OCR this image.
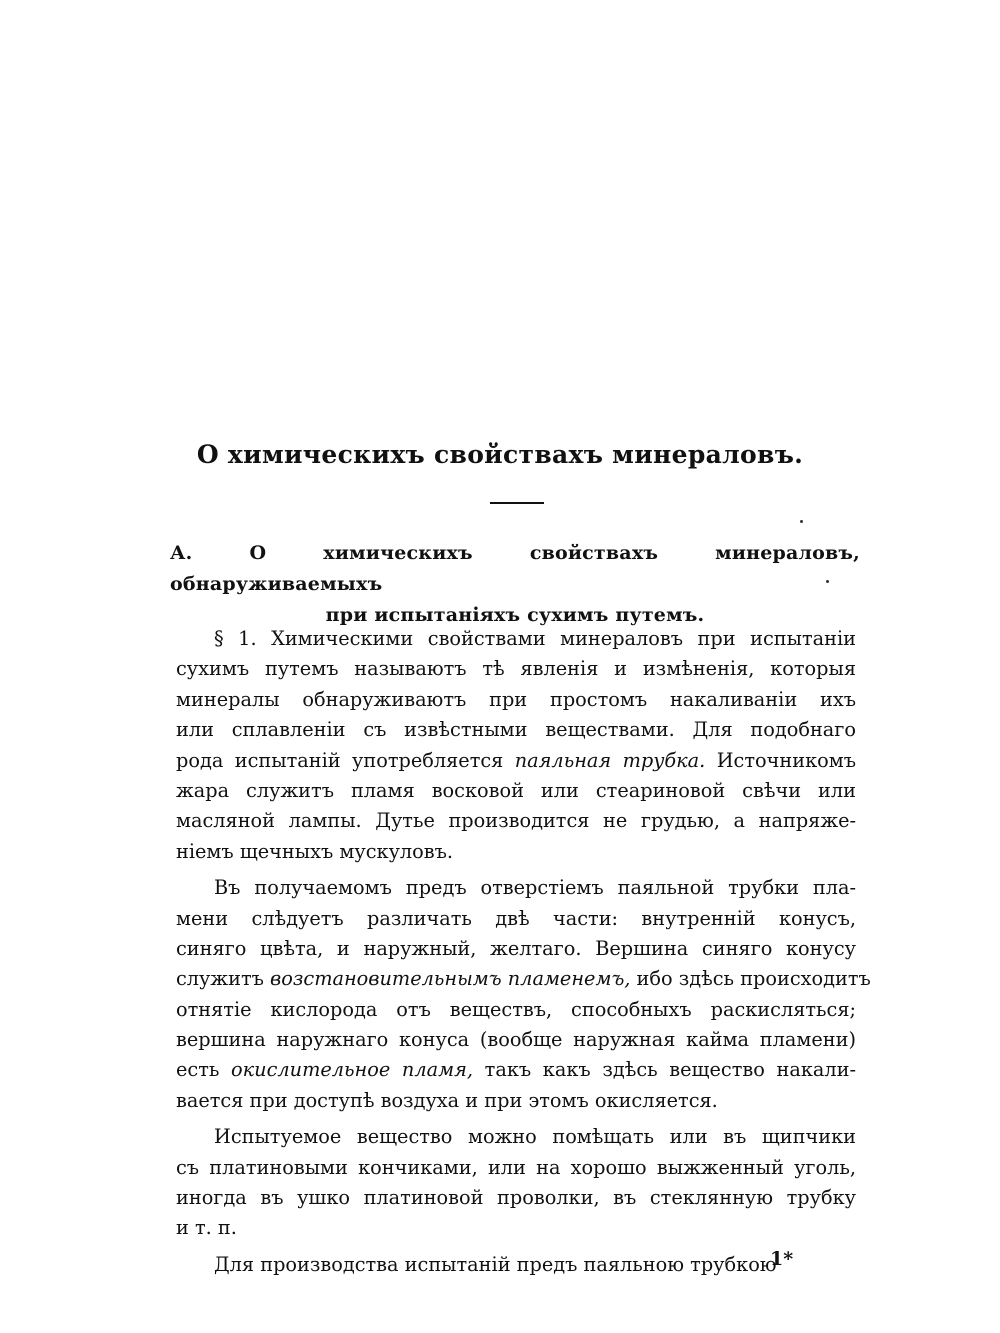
О химическихъ свойствахъ минераловъ.
А. О химическихъ свойствахъ минераловъ, обнаруживаемыхъ
при испытаніяхъ сухимъ путемъ.
§ 1. Химическими свойствами минераловъ при испытаніи
сухимъ путемъ называютъ тѣ явленія и измѣненія, которыя
минералы обнаруживаютъ при простомъ накаливаніи ихъ
или сплавленіи съ извѣстными веществами. Для подобнаго
рода испытаній употребляется паяльная трубка. Источникомъ
жара служитъ пламя восковой или стеариновой свѣчи или
масляной лампы. Дутье производится не грудью, а напряже-
ніемъ щечныхъ мускуловъ.
Въ получаемомъ предъ отверстіемъ паяльной трубки пла-
мени слѣдуетъ различать двѣ части: внутренній конусъ,
синяго цвѣта, и наружный, желтаго. Вершина синяго конусу
служитъ возстановительнымъ пламенемъ, ибо здѣсь происходитъ
отнятіе кислорода отъ веществъ, способныхъ раскисляться;
вершина наружнаго конуса (вообще наружная кайма пламени)
есть окислительное пламя, такъ какъ здѣсь вещество накали-
вается при доступѣ воздуха и при этомъ окисляется.
Испытуемое вещество можно помѣщать или въ щипчики
съ платиновыми кончиками, или на хорошо выжженный уголь,
иногда въ ушко платиновой проволки, въ стеклянную трубку
и т. п.
Для производства испытаній предъ паяльною трубкою
1*
